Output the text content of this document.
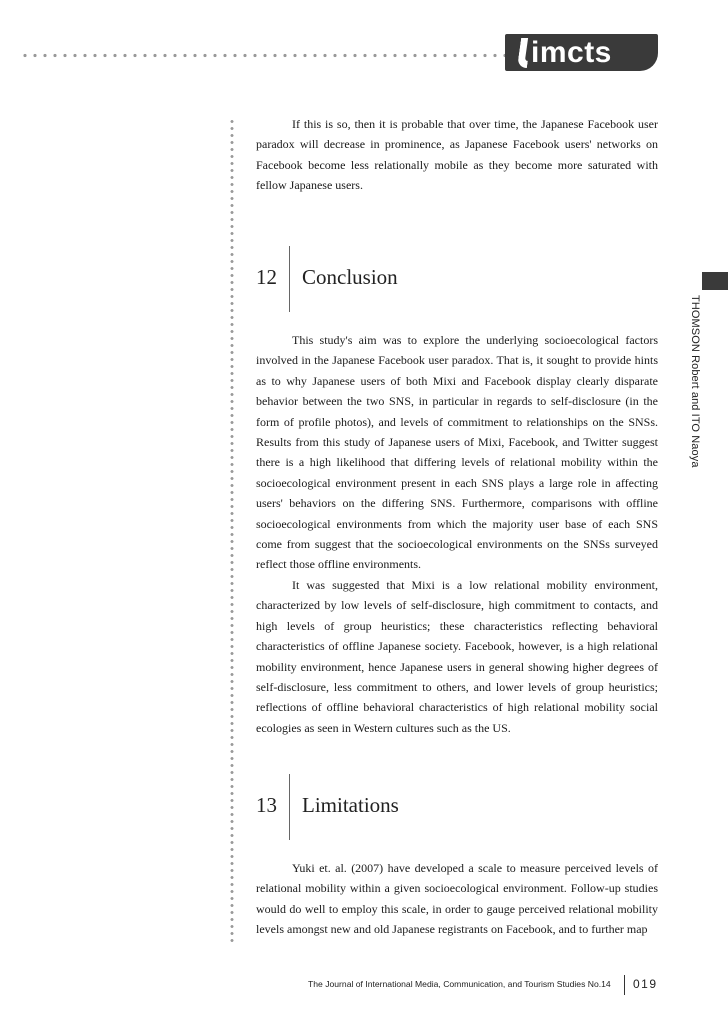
imcts
THOMSON Robert and ITO Naoya

If this is so, then it is probable that over time, the Japanese Facebook user paradox will decrease in prominence, as Japanese Facebook users' networks on Facebook become less relationally mobile as they become more saturated with fellow Japanese users.

12 Conclusion

This study's aim was to explore the underlying socioecological factors involved in the Japanese Facebook user paradox. That is, it sought to provide hints as to why Japanese users of both Mixi and Facebook display clearly disparate behavior between the two SNS, in particular in regards to self-disclosure (in the form of profile photos), and levels of commitment to relationships on the SNSs. Results from this study of Japanese users of Mixi, Facebook, and Twitter suggest there is a high likelihood that differing levels of relational mobility within the socioecological environment present in each SNS plays a large role in affecting users' behaviors on the differing SNS. Furthermore, comparisons with offline socioecological environments from which the majority user base of each SNS come from suggest that the socioecological environments on the SNSs surveyed reflect those offline environments.

It was suggested that Mixi is a low relational mobility environment, characterized by low levels of self-disclosure, high commitment to contacts, and high levels of group heuristics; these characteristics reflecting behavioral characteristics of offline Japanese society. Facebook, however, is a high relational mobility environment, hence Japanese users in general showing higher degrees of self-disclosure, less commitment to others, and lower levels of group heuristics; reflections of offline behavioral characteristics of high relational mobility social ecologies as seen in Western cultures such as the US.

13 Limitations

Yuki et. al. (2007) have developed a scale to measure perceived levels of relational mobility within a given socioecological environment. Follow-up studies would do well to employ this scale, in order to gauge perceived relational mobility levels amongst new and old Japanese registrants on Facebook, and to further map

The Journal of International Media, Communication, and Tourism Studies No.14 019
